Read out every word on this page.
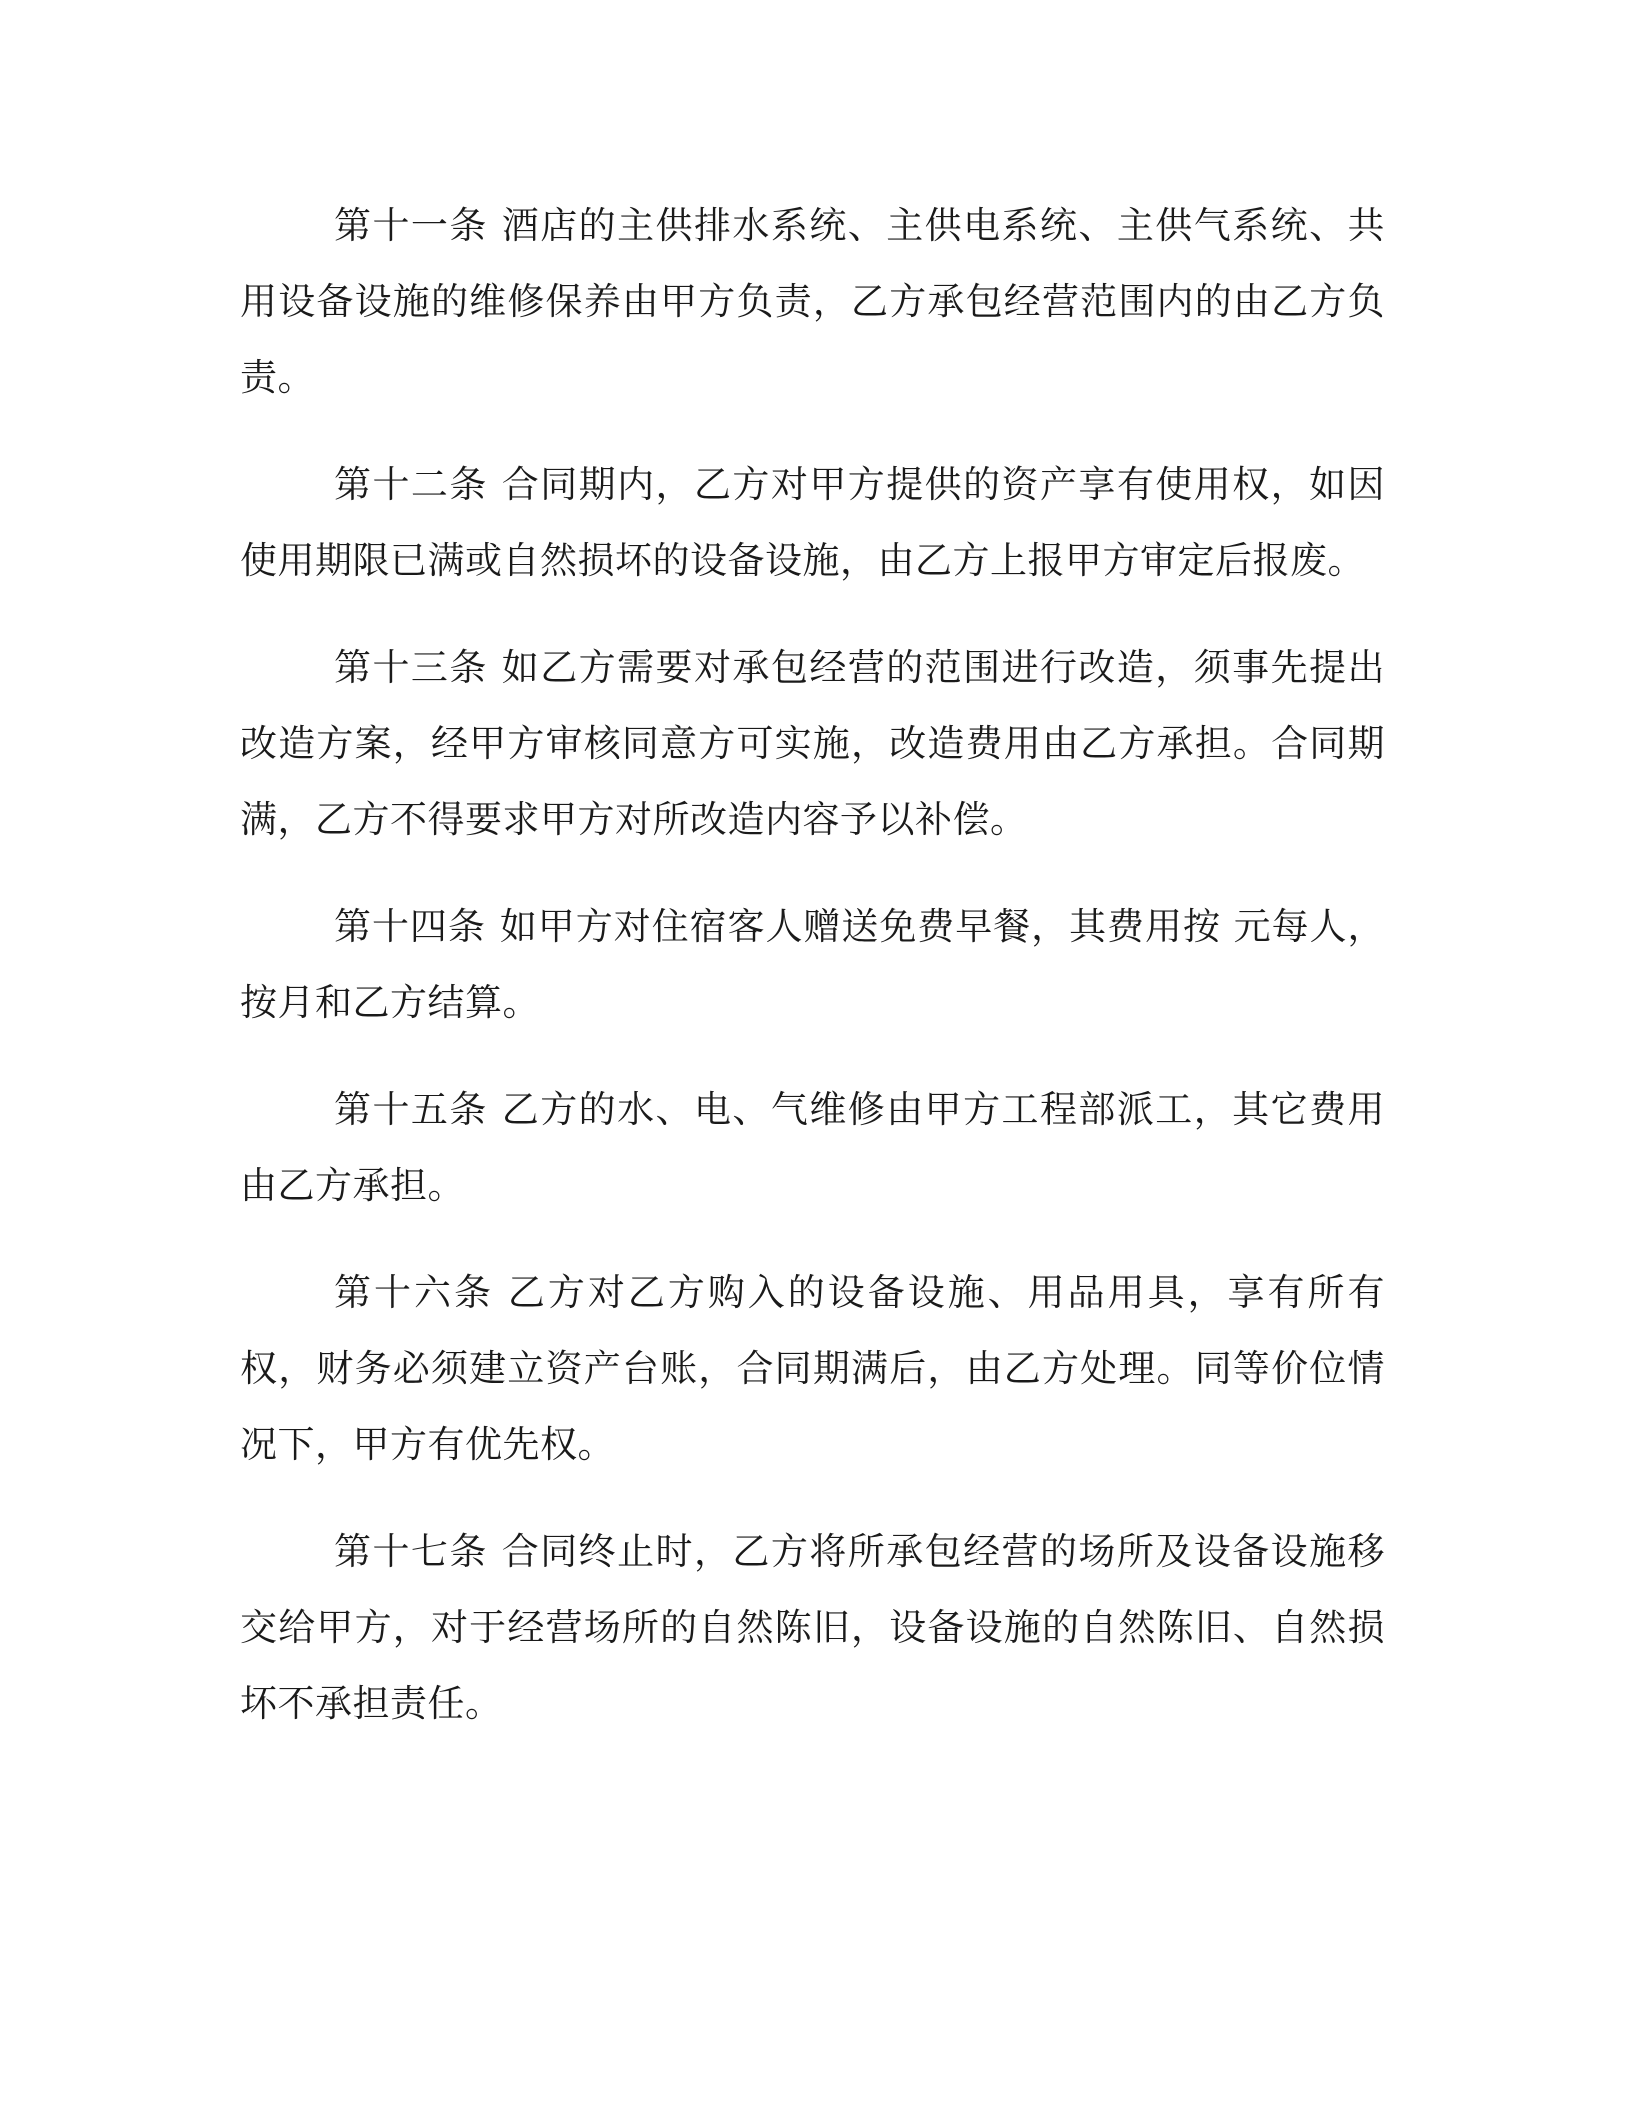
第十一条 酒店的主供排水系统、主供电系统、主供气系统、共用设备设施的维修保养由甲方负责，乙方承包经营范围内的由乙方负责。

第十二条 合同期内，乙方对甲方提供的资产享有使用权，如因使用期限已满或自然损坏的设备设施，由乙方上报甲方审定后报废。

第十三条 如乙方需要对承包经营的范围进行改造，须事先提出改造方案，经甲方审核同意方可实施，改造费用由乙方承担。合同期满，乙方不得要求甲方对所改造内容予以补偿。

第十四条 如甲方对住宿客人赠送免费早餐，其费用按 元每人，按月和乙方结算。

第十五条 乙方的水、电、气维修由甲方工程部派工，其它费用由乙方承担。

第十六条 乙方对乙方购入的设备设施、用品用具，享有所有权，财务必须建立资产台账，合同期满后，由乙方处理。同等价位情况下，甲方有优先权。

第十七条 合同终止时，乙方将所承包经营的场所及设备设施移交给甲方，对于经营场所的自然陈旧，设备设施的自然陈旧、自然损坏不承担责任。
